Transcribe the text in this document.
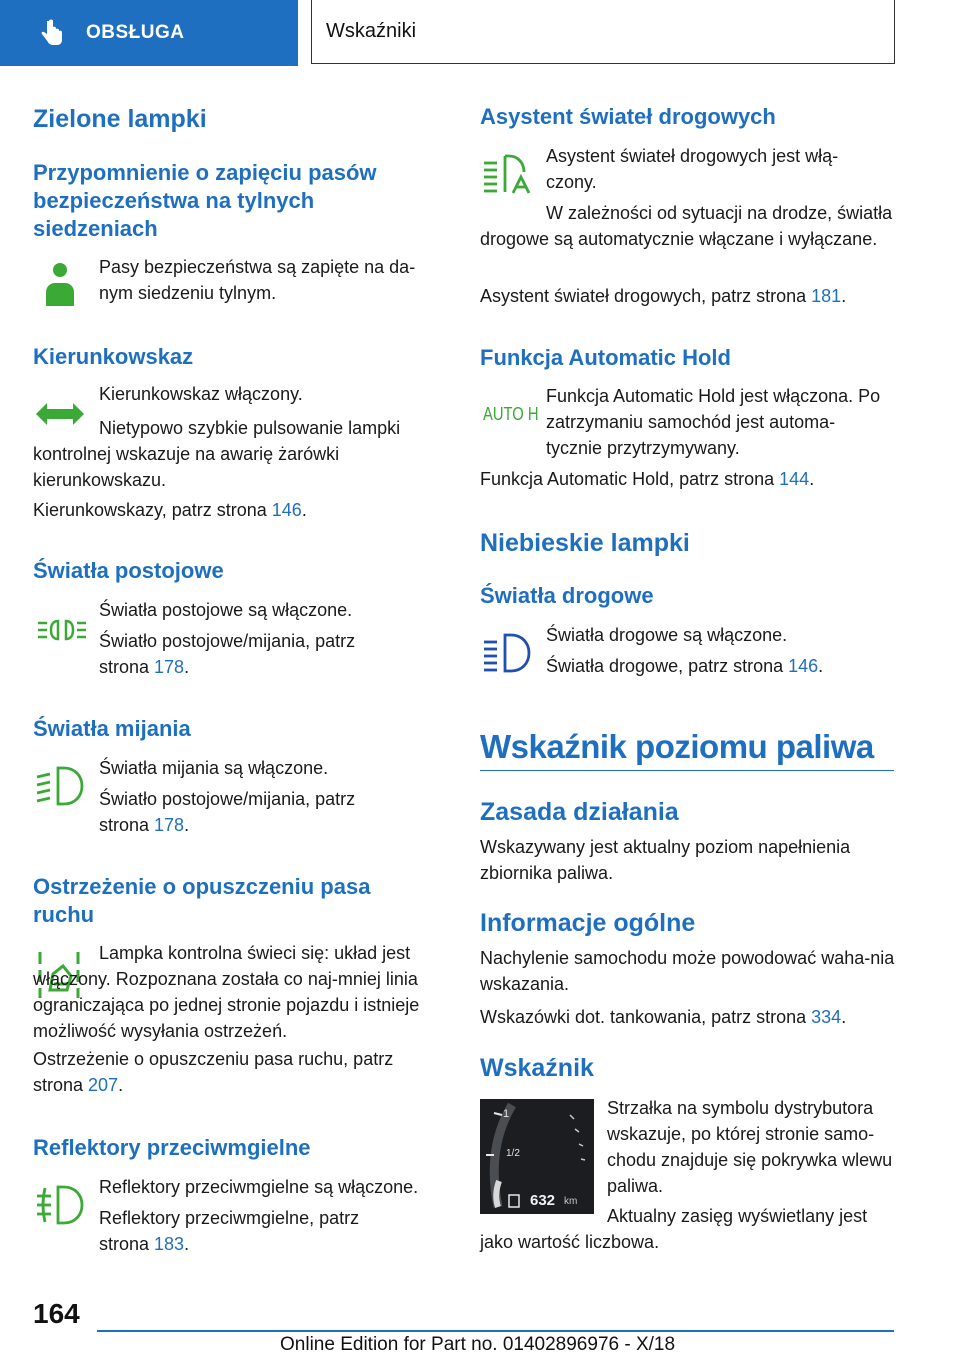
OBSŁUGA	Wskaźniki
Zielone lampki
Przypomnienie o zapięciu pasów bezpieczeństwa na tylnych siedzeniach
Pasy bezpieczeństwa są zapięte na da-nym siedzeniu tylnym.
Kierunkowskaz
Kierunkowskaz włączony.
Nietypowo szybkie pulsowanie lampki kontrolnej wskazuje na awarię żarówki kierunkowskazu.
Kierunkowskazy, patrz strona 146.
Światła postojowe
Światła postojowe są włączone.
Światło postojowe/mijania, patrz strona 178.
Światła mijania
Światła mijania są włączone.
Światło postojowe/mijania, patrz strona 178.
Ostrzeżenie o opuszczeniu pasa ruchu
Lampka kontrolna świeci się: układ jest włączony. Rozpoznana została co naj-mniej linia ograniczająca po jednej stronie pojazdu i istnieje możliwość wysyłania ostrzeżeń.
Ostrzeżenie o opuszczeniu pasa ruchu, patrz strona 207.
Reflektory przeciwmgielne
Reflektory przeciwmgielne są włączone.
Reflektory przeciwmgielne, patrz strona 183.
Asystent świateł drogowych
Asystent świateł drogowych jest włą-czony.
W zależności od sytuacji na drodze, światła drogowe są automatycznie włączane i wyłączane.
Asystent świateł drogowych, patrz strona 181.
Funkcja Automatic Hold
AUTO H
Funkcja Automatic Hold jest włączona. Po zatrzymaniu samochód jest automa-tycznie przytrzymywany.
Funkcja Automatic Hold, patrz strona 144.
Niebieskie lampki
Światła drogowe
Światła drogowe są włączone.
Światła drogowe, patrz strona 146.
Wskaźnik poziomu paliwa
Zasada działania
Wskazywany jest aktualny poziom napełnienia zbiornika paliwa.
Informacje ogólne
Nachylenie samochodu może powodować waha-nia wskazania.
Wskazówki dot. tankowania, patrz strona 334.
Wskaźnik
1
1/2
632 km
Strzałka na symbolu dystrybutora wskazuje, po której stronie samo-chodu znajduje się pokrywka wlewu paliwa.
Aktualny zasięg wyświetlany jest jako wartość liczbowa.
164
Online Edition for Part no. 01402896976 - X/18
